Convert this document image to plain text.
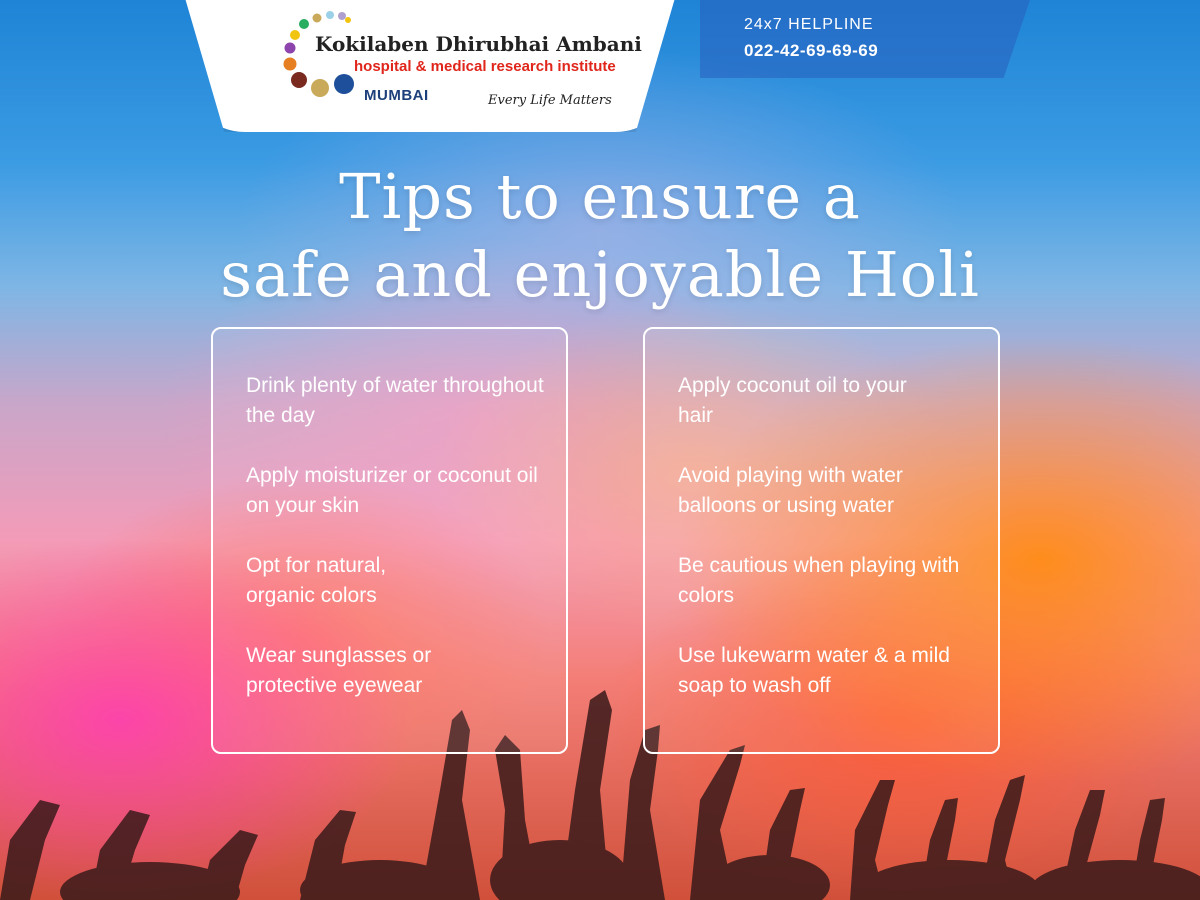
Kokilaben Dhirubhai Ambani
hospital & medical research institute
MUMBAI	Every Life Matters
24x7 HELPLINE
022-42-69-69-69
Tips to ensure a
safe and enjoyable Holi
Drink plenty of water throughout the day
Apply moisturizer or coconut oil on your skin
Opt for natural, organic colors
Wear sunglasses or protective eyewear
Apply coconut oil to your hair
Avoid playing with water balloons or using water
Be cautious when playing with colors
Use lukewarm water & a mild soap to wash off
